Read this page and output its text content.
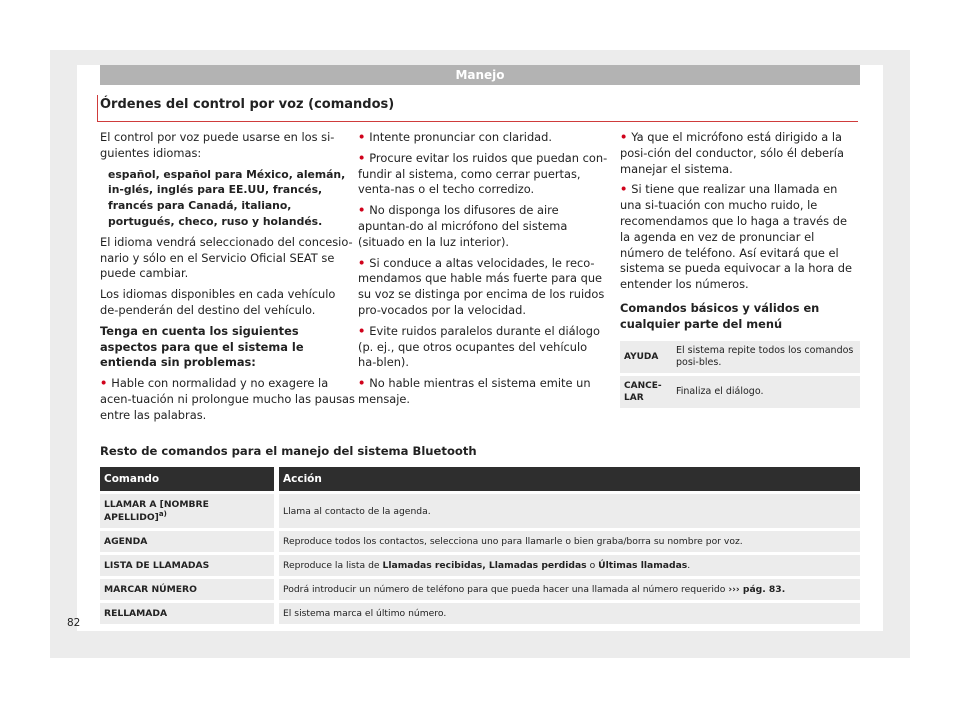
Manejo
Órdenes del control por voz (comandos)

El control por voz puede usarse en los si-guientes idiomas:

español, español para México, alemán, in-glés, inglés para EE.UU, francés, francés para Canadá, italiano, portugués, checo, ruso y holandés.

El idioma vendrá seleccionado del concesio-nario y sólo en el Servicio Oficial SEAT se puede cambiar.

Los idiomas disponibles en cada vehículo de-penderán del destino del vehículo.

Tenga en cuenta los siguientes aspectos para que el sistema le entienda sin problemas:

• Hable con normalidad y no exagere la acen-tuación ni prolongue mucho las pausas entre las palabras.

• Intente pronunciar con claridad.

• Procure evitar los ruidos que puedan con-fundir al sistema, como cerrar puertas, venta-nas o el techo corredizo.

• No disponga los difusores de aire apuntan-do al micrófono del sistema (situado en la luz interior).

• Si conduce a altas velocidades, le reco-mendamos que hable más fuerte para que su voz se distinga por encima de los ruidos pro-vocados por la velocidad.

• Evite ruidos paralelos durante el diálogo (p. ej., que otros ocupantes del vehículo ha-blen).

• No hable mientras el sistema emite un mensaje.

• Ya que el micrófono está dirigido a la posi-ción del conductor, sólo él debería manejar el sistema.

• Si tiene que realizar una llamada en una si-tuación con mucho ruido, le recomendamos que lo haga a través de la agenda en vez de pronunciar el número de teléfono. Así evitará que el sistema se pueda equivocar a la hora de entender los números.

Comandos básicos y válidos en cualquier parte del menú

AYUDA	El sistema repite todos los comandos posi-bles.
CANCE-LAR	Finaliza el diálogo.
Resto de comandos para el manejo del sistema Bluetooth
Comando	Acción
LLAMAR A [NOMBRE APELLIDO]$^{a)}$	Llama al contacto de la agenda.
AGENDA	Reproduce todos los contactos, selecciona uno para llamarle o bien graba/borra su nombre por voz.
LISTA DE LLAMADAS	Reproduce la lista de Llamadas recibidas, Llamadas perdidas o Últimas llamadas.
MARCAR NÚMERO	Podrá introducir un número de teléfono para que pueda hacer una llamada al número requerido ››› pág. 83.
RELLAMADA	El sistema marca el último número.
82
